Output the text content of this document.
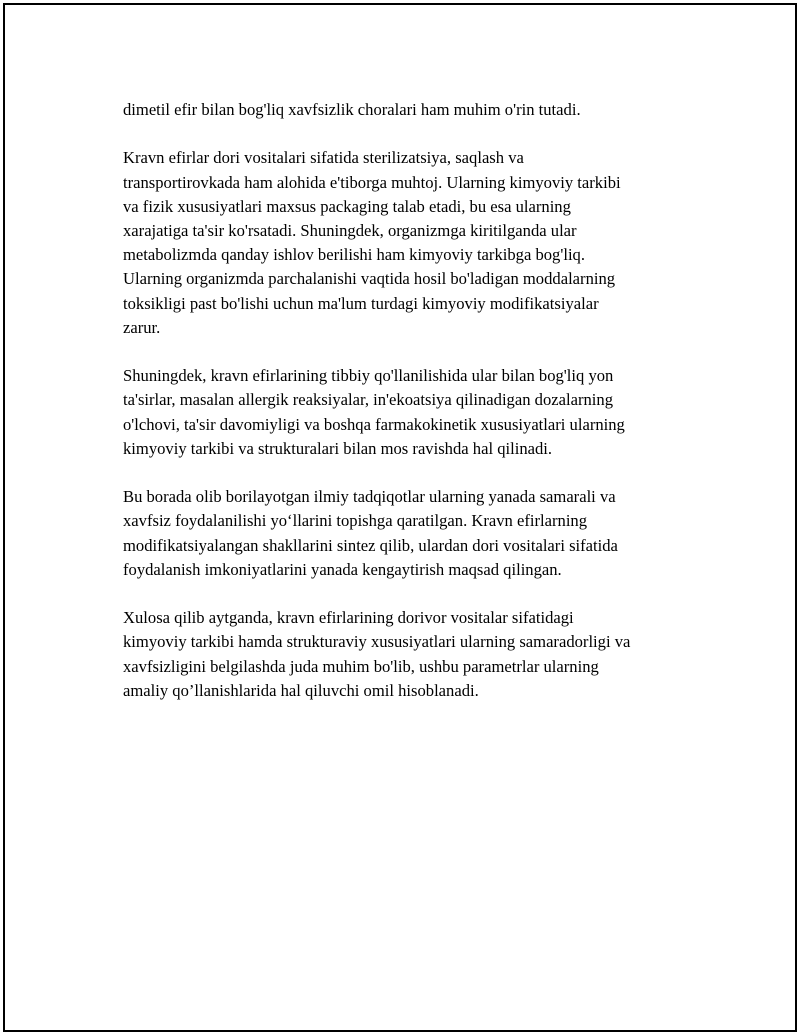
dimetil efir bilan bog'liq xavfsizlik choralari ham muhim o'rin tutadi.

Kravn efirlar dori vositalari sifatida sterilizatsiya, saqlash va
transportirovkada ham alohida e'tiborga muhtoj. Ularning kimyoviy tarkibi
va fizik xususiyatlari maxsus packaging talab etadi, bu esa ularning
xarajatiga ta'sir ko'rsatadi. Shuningdek, organizmga kiritilganda ular
metabolizmda qanday ishlov berilishi ham kimyoviy tarkibga bog'liq.
Ularning organizmda parchalanishi vaqtida hosil bo'ladigan moddalarning
toksikligi past bo'lishi uchun ma'lum turdagi kimyoviy modifikatsiyalar
zarur.

Shuningdek, kravn efirlarining tibbiy qo'llanilishida ular bilan bog'liq yon
ta'sirlar, masalan allergik reaksiyalar, in'ekoatsiya qilinadigan dozalarning
o'lchovi, ta'sir davomiyligi va boshqa farmakokinetik xususiyatlari ularning
kimyoviy tarkibi va strukturalari bilan mos ravishda hal qilinadi.

Bu borada olib borilayotgan ilmiy tadqiqotlar ularning yanada samarali va
xavfsiz foydalanilishi yo‘llarini topishga qaratilgan. Kravn efirlarning
modifikatsiyalangan shakllarini sintez qilib, ulardan dori vositalari sifatida
foydalanish imkoniyatlarini yanada kengaytirish maqsad qilingan.

Xulosa qilib aytganda, kravn efirlarining dorivor vositalar sifatidagi
kimyoviy tarkibi hamda strukturaviy xususiyatlari ularning samaradorligi va
xavfsizligini belgilashda juda muhim bo'lib, ushbu parametrlar ularning
amaliy qo’llanishlarida hal qiluvchi omil hisoblanadi.
